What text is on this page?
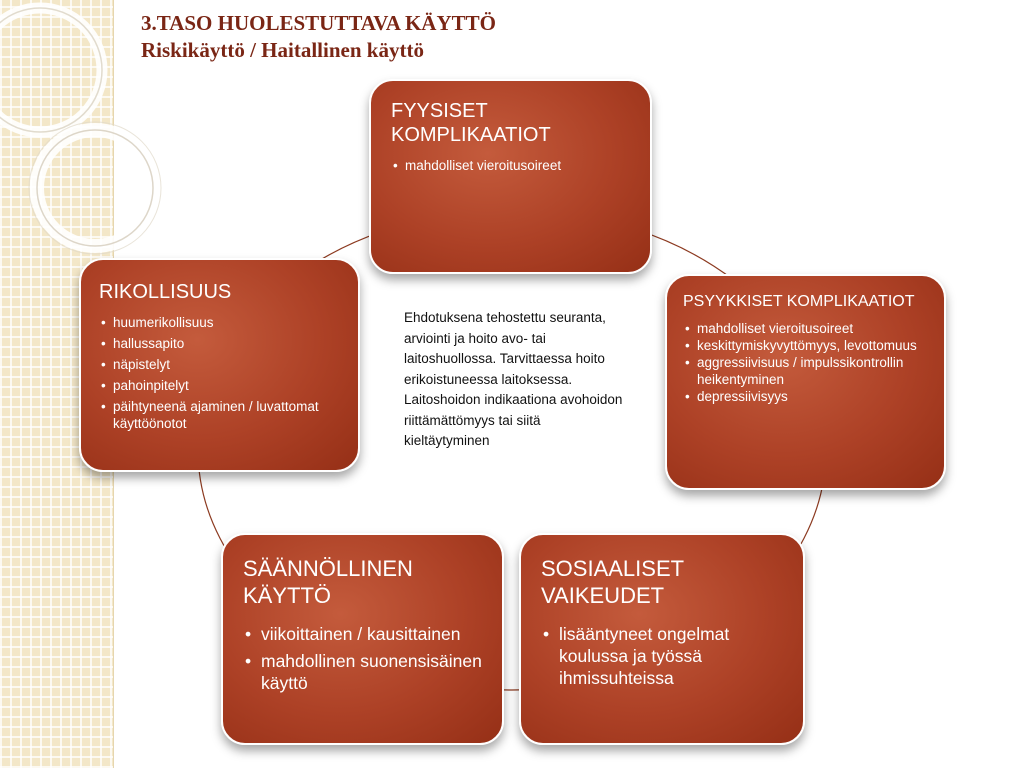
3.TASO HUOLESTUTTAVA KÄYTTÖ
Riskikäyttö / Haitallinen käyttö
Ehdotuksena tehostettu seuranta, arviointi ja hoito avo- tai laitoshuollossa. Tarvittaessa hoito erikoistuneessa laitoksessa. Laitoshoidon indikaationa avohoidon riittämättömyys tai siitä kieltäytyminen
FYYSISET KOMPLIKAATIOT
• mahdolliset vieroitusoireet
PSYYKKISET KOMPLIKAATIOT
• mahdolliset vieroitusoireet
• keskittymiskyvyttömyys, levottomuus
• aggressiivisuus / impulssikontrollin heikentyminen
• depressiivisyys
SOSIAALISET VAIKEUDET
• lisääntyneet ongelmat koulussa ja työssä ihmissuhteissa
SÄÄNNÖLLINEN KÄYTTÖ
• viikoittainen / kausittainen
• mahdollinen suonensisäinen käyttö
RIKOLLISUUS
• huumerikollisuus
• hallussapito
• näpistelyt
• pahoinpitelyt
• päihtyneenä ajaminen / luvattomat käyttöönotot
